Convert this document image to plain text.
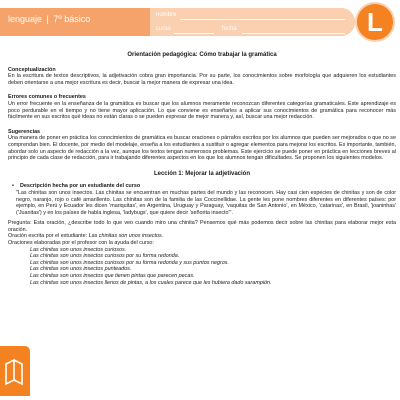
lenguaje | 7º básico	nombre
curso	fecha	L
Orientación pedagógica: Cómo trabajar la gramática
Conceptualización
En la escritura de textos descriptivos, la adjetivación cobra gran importancia. Por su parte, los conocimientos sobre morfología que adquieren los estudiantes deben orientarse a una mejor escritura es decir, buscar la mejor manera de expresar una idea.
Errores comunes o frecuentes
Un error frecuente en la enseñanza de la gramática es buscar que los alumnos meramente reconozcan diferentes categorías gramaticales. Este aprendizaje es poco perdurable en el tiempo y no tiene mayor aplicación. Lo que conviene es enseñarles a aplicar sus conocimientos de gramática para reconocer más fácilmente en sus escritos qué ideas no están claras o se pueden expresar de mejor manera y, así, buscar una mejor redacción.
Sugerencias
Una manera de poner en práctica los conocimientos de gramática es buscar oraciones o párrafos escritos por los alumnos que pueden ser mejorados o que no se comprendan bien. El docente, por medio del modelaje, enseña a los estudiantes a sustituir o agregar elementos para mejorar los escritos. Es importante, también, abordar solo un aspecto de redacción a la vez, aunque los textos tengan numerosos problemas. Este ejercicio se puede poner en práctica en lecciones breves al principio de cada clase de redacción, para ir trabajando diferentes aspectos en los que los alumnos tengan dificultades. Se proponen los siguientes modelos.
Lección 1: Mejorar la adjetivación
• Descripción hecha por un estudiante del curso
"Las chinitas son unos insectos. Las chinitas se encuentran en muchas partes del mundo y las reconocen. Hay casi cien especies de chinitas y son de color negro, naranjo, rojo o café amarillento. Las chinitas son de la familia de las Coccinellidae. La gente les pone nombres diferentes en diferentes países: por ejemplo, en Perú y Ecuador les dicen 'mariquitas', en Argentina, Uruguay y Paraguay, 'vaquitas de San Antonio', en México, 'catarinas', en Brasil, 'joaninhas' ('Juanitas') y en los países de habla inglesa, 'ladybugs', que quiere decir 'señorita insecto'".
Pregunta: Esta oración, ¿describe todo lo que veo cuando miro una chinita? Pensemos qué más podemos decir sobre las chinitas para elaborar mejor esta oración.
Oración escrita por el estudiante: Las chinitas son unos insectos.
Oraciones elaboradas por el profesor con la ayuda del curso:
Las chinitas son unos insectos curiosos.
Las chinitas son unos insectos curiosos por su forma redonda.
Las chinitas son unos insectos curiosos por su forma redonda y sus puntos negros.
Las chinitas son unos insectos punteados.
Las chinitas son unos insectos que tienen pintas que parecen pecas.
Las chinitas son unos insectos llenos de pintas, a los cuales parece que les hubiera dado sarampión.
